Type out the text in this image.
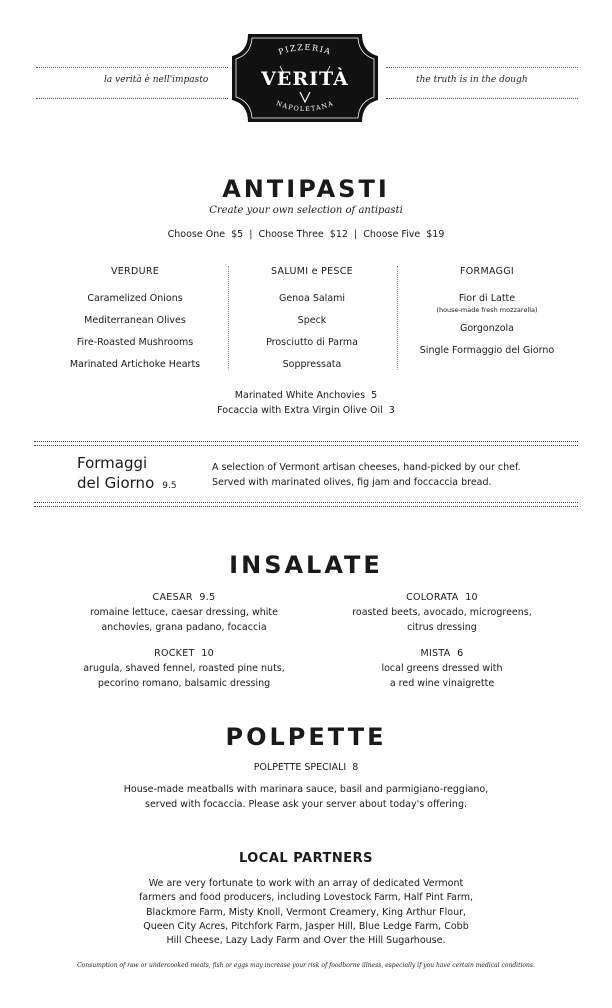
la verità è nell'impasto	the truth is in the dough
PIZZERIA
VERITÀ
NAPOLETANA
ANTIPASTI
Create your own selection of antipasti
Choose One  $5  |  Choose Three  $12  |  Choose Five  $19
VERDURE
Caramelized Onions
Mediterranean Olives
Fire-Roasted Mushrooms
Marinated Artichoke Hearts
SALUMI e PESCE
Genoa Salami
Speck
Prosciutto di Parma
Soppressata
FORMAGGI
Fior di Latte
(house-made fresh mozzarella)
Gorgonzola
Single Formaggio del Giorno
Marinated White Anchovies  5
Focaccia with Extra Virgin Olive Oil  3
Formaggi
del Giorno 9.5
A selection of Vermont artisan cheeses, hand-picked by our chef.
Served with marinated olives, fig jam and foccaccia bread.
INSALATE
CAESAR  9.5
romaine lettuce, caesar dressing, white
anchovies, grana padano, focaccia
COLORATA  10
roasted beets, avocado, microgreens,
citrus dressing
ROCKET  10
arugula, shaved fennel, roasted pine nuts,
pecorino romano, balsamic dressing
MISTA  6
local greens dressed with
a red wine vinaigrette
POLPETTE
POLPETTE SPECIALI  8
House-made meatballs with marinara sauce, basil and parmigiano-reggiano,
served with focaccia. Please ask your server about today's offering.
LOCAL PARTNERS
We are very fortunate to work with an array of dedicated Vermont
farmers and food producers, including Lovestock Farm, Half Pint Farm,
Blackmore Farm, Misty Knoll, Vermont Creamery, King Arthur Flour,
Queen City Acres, Pitchfork Farm, Jasper Hill, Blue Ledge Farm, Cobb
Hill Cheese, Lazy Lady Farm and Over the Hill Sugarhouse.
Consumption of raw or undercooked meats, fish or eggs may increase your risk of foodborne illness, especially if you have certain medical conditions.
